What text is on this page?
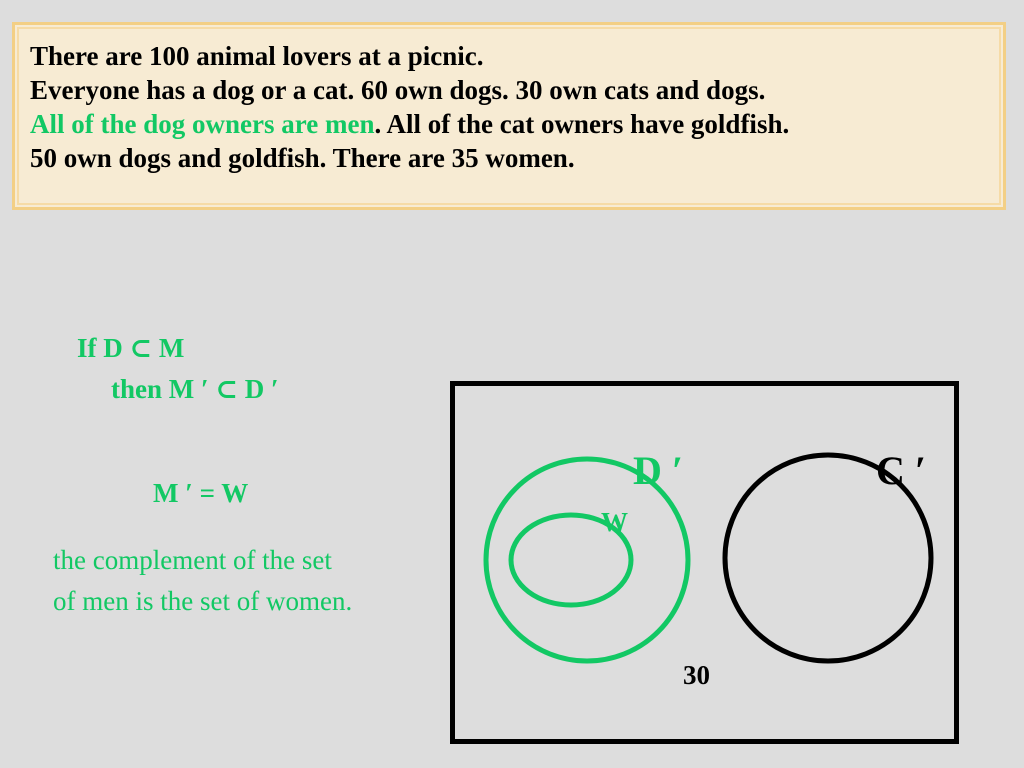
There are 100 animal lovers at a picnic.
Everyone has a dog or a cat. 60 own dogs. 30 own cats and dogs.
All of the dog owners are men. All of the cat owners have goldfish.
50 own dogs and goldfish. There are 35 women.
If D ⊂ M
then M ′ ⊂ D ′
M ′ = W
the complement of the set
of men is the set of women.
D ′	C ′
W
30
